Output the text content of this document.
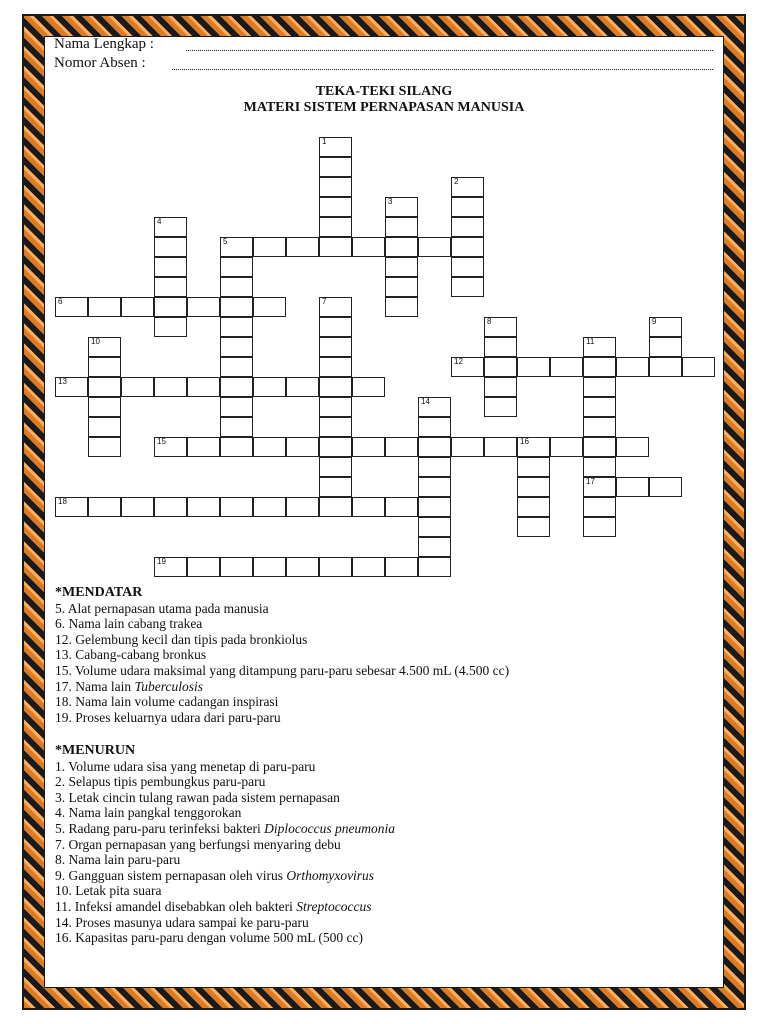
Nama Lengkap :
Nomor Absen :
TEKA-TEKI SILANG
MATERI SISTEM PERNAPASAN MANUSIA
1
2
3
4
5
6	7
8	9
10	11
17
12
13
14
15	16
18
19
*MENDATAR
5. Alat pernapasan utama pada manusia
6. Nama lain cabang trakea
12. Gelembung kecil dan tipis pada bronkiolus
13. Cabang-cabang bronkus
15. Volume udara maksimal yang ditampung paru-paru sebesar 4.500 mL (4.500 cc)
17. Nama lain Tuberculosis
18. Nama lain volume cadangan inspirasi
19. Proses keluarnya udara dari paru-paru
*MENURUN
1. Volume udara sisa yang menetap di paru-paru
2. Selapus tipis pembungkus paru-paru
3. Letak cincin tulang rawan pada sistem pernapasan
4. Nama lain pangkal tenggorokan
5. Radang paru-paru terinfeksi bakteri Diplococcus pneumonia
7. Organ pernapasan yang berfungsi menyaring debu
8. Nama lain paru-paru
9. Gangguan sistem pernapasan oleh virus Orthomyxovirus
10. Letak pita suara
11. Infeksi amandel disebabkan oleh bakteri Streptococcus
14. Proses masunya udara sampai ke paru-paru
16. Kapasitas paru-paru dengan volume 500 mL (500 cc)
